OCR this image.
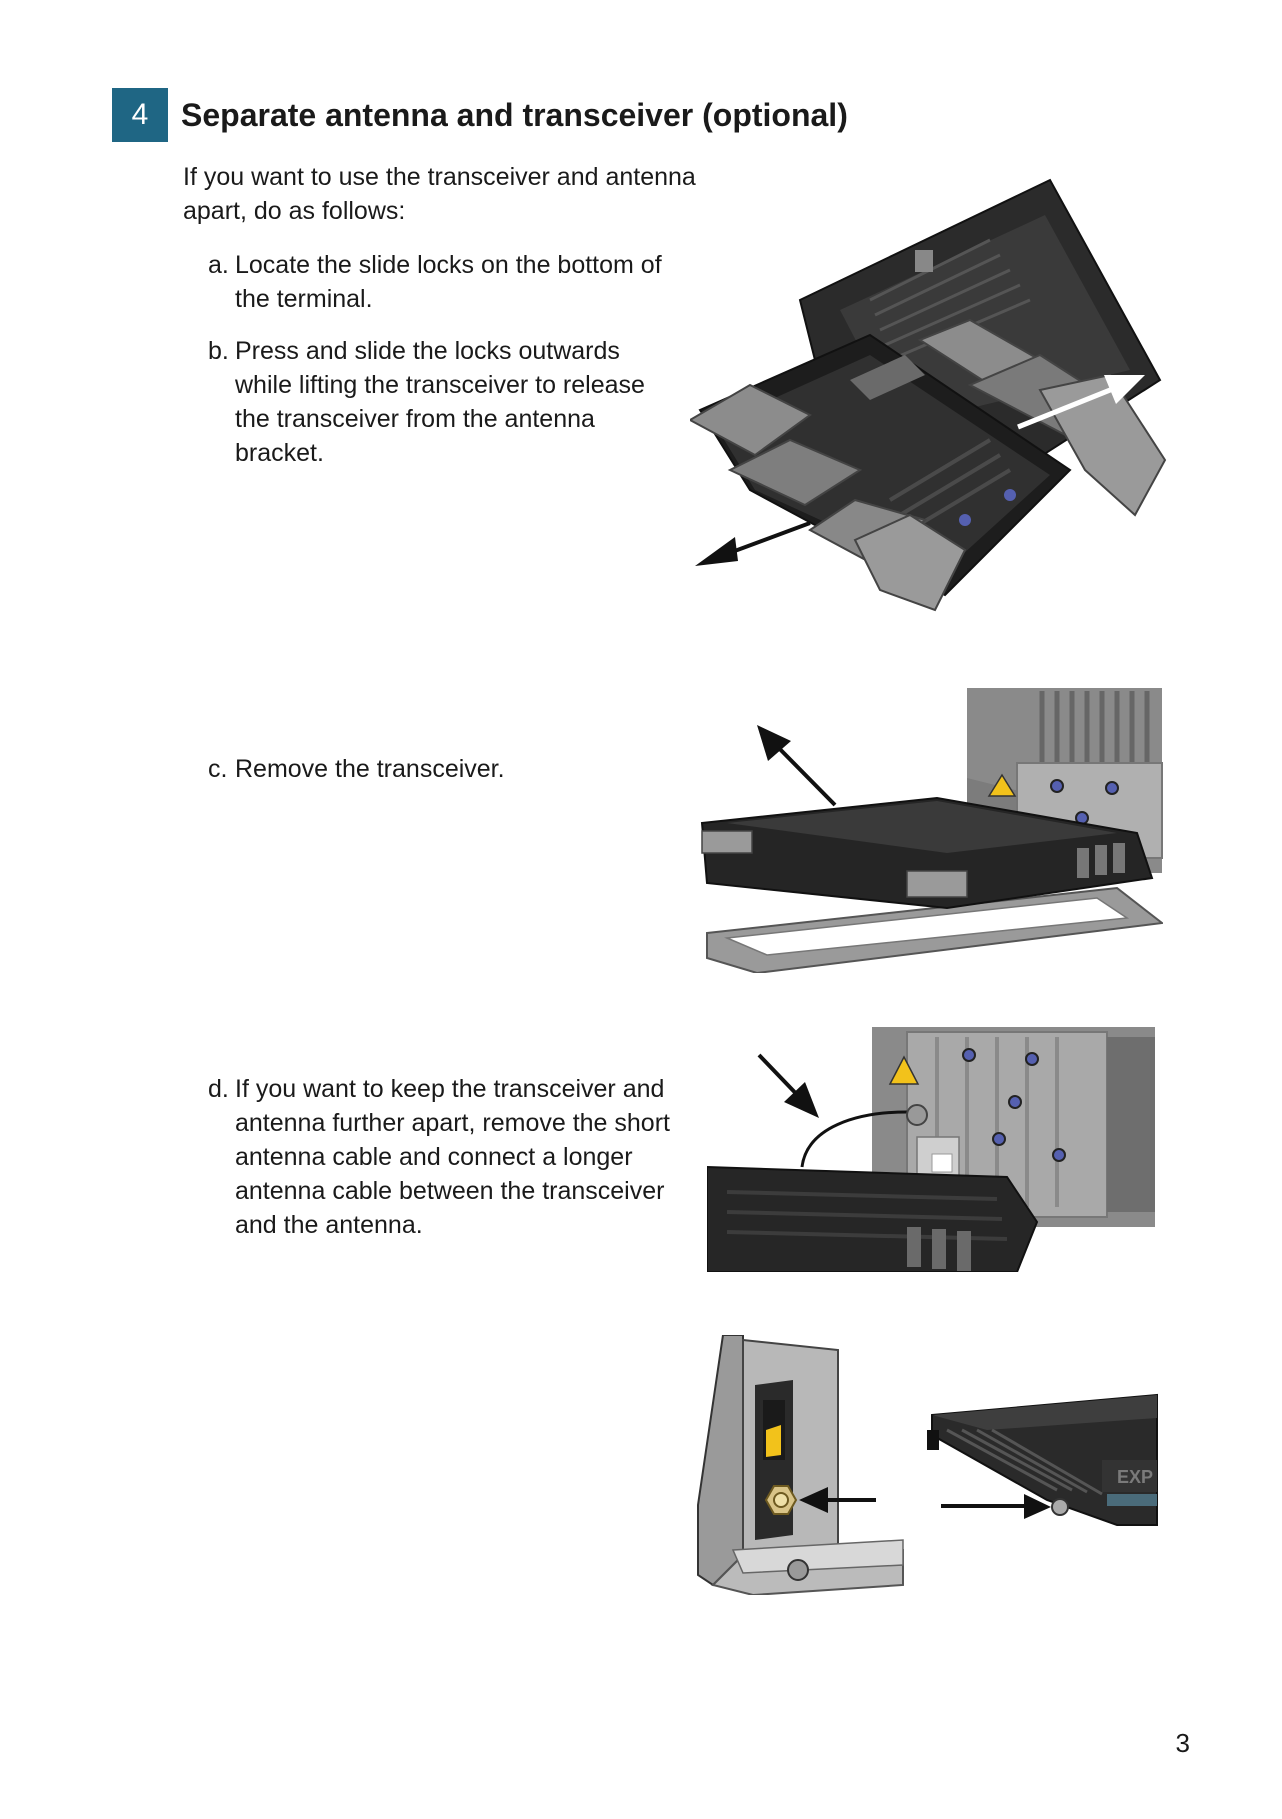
4	Separate antenna and transceiver (optional)

If you want to use the transceiver and antenna apart, do as follows:

a. Locate the slide locks on the bottom of the terminal.

b. Press and slide the locks outwards while lifting the transceiver to release the transceiver from the antenna bracket.

c. Remove the transceiver.

d. If you want to keep the transceiver and antenna further apart, remove the short antenna cable and connect a longer antenna cable between the transceiver and the antenna.

EXP
3
